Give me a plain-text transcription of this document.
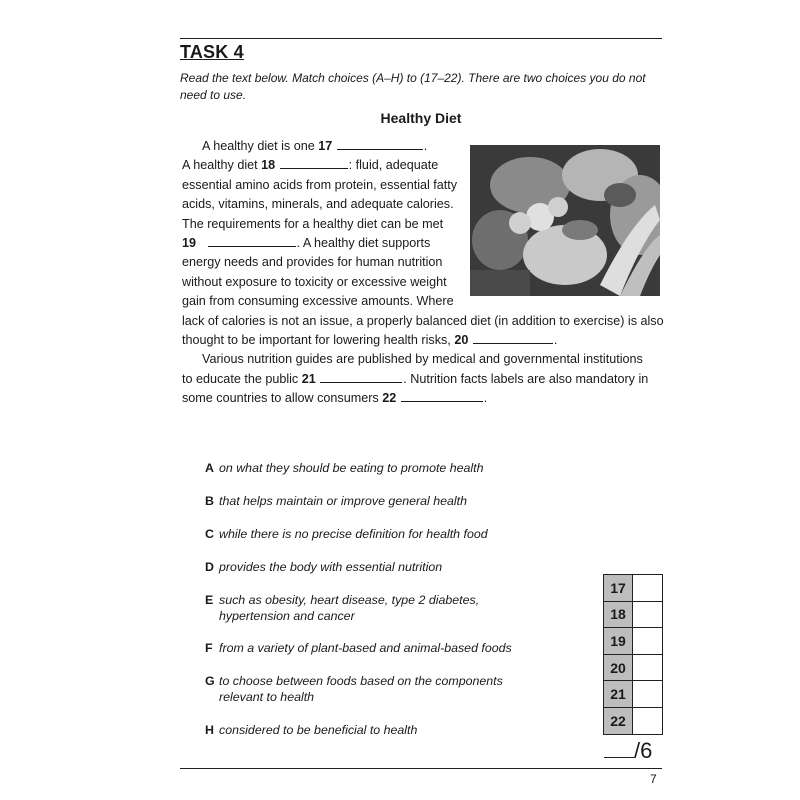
TASK 4
Read the text below. Match choices (A–H) to (17–22). There are two choices you do not need to use.
Healthy Diet
A healthy diet is one 17	.
A healthy diet 18	: fluid, adequate
essential amino acids from protein, essential fatty
acids, vitamins, minerals, and adequate calories.
The requirements for a healthy diet can be met
19	. A healthy diet supports
energy needs and provides for human nutrition
without exposure to toxicity or excessive weight
gain from consuming excessive amounts. Where
lack of calories is not an issue, a properly balanced diet (in addition to exercise) is also
thought to be important for lowering health risks, 20	.
Various nutrition guides are published by medical and governmental institutions
to educate the public 21	. Nutrition facts labels are also mandatory in
some countries to allow consumers 22	.
A on what they should be eating to promote health
B that helps maintain or improve general health
C while there is no precise definition for health food
D provides the body with essential nutrition
E such as obesity, heart disease, type 2 diabetes, hypertension and cancer
F from a variety of plant-based and animal-based foods
G to choose between foods based on the components relevant to health
H considered to be beneficial to health
17
18
19
20
21
22
/6
7
